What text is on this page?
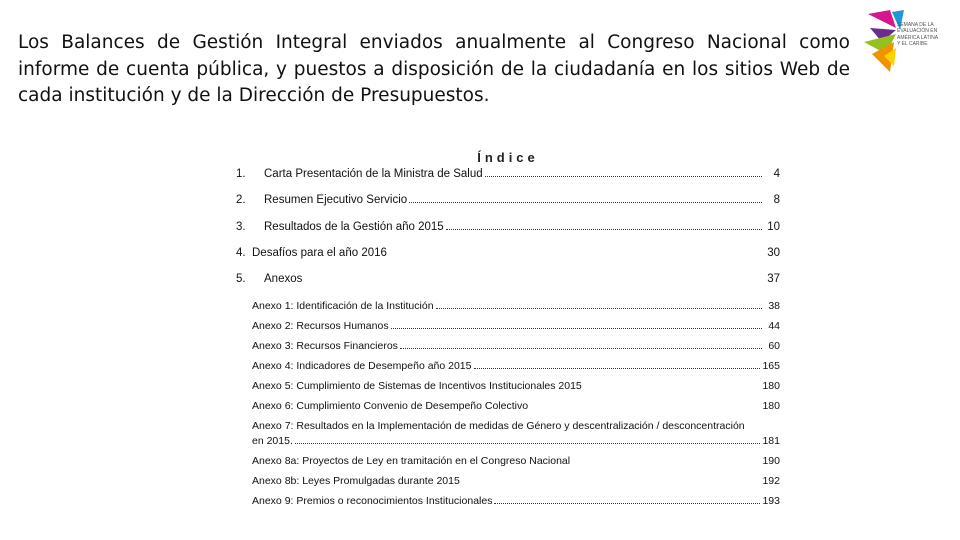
Los Balances de Gestión Integral enviados anualmente al Congreso Nacional como informe de cuenta pública, y puestos a disposición de la ciudadanía en los sitios Web de cada institución y de la Dirección de Presupuestos.

SEMANA DE LA
EVALUACIÓN EN
AMÉRICA LATINA
Y EL CARIBE
Índice
1.	Carta Presentación de la Ministra de Salud	4
2.	Resumen Ejecutivo Servicio	8
3.	Resultados de la Gestión año 2015	10
4. Desafíos para el año 2016	30
5.	Anexos	37
Anexo 1: Identificación de la Institución	38
Anexo 2: Recursos Humanos	44
Anexo 3: Recursos Financieros	60
Anexo 4: Indicadores de Desempeño año 2015	165
Anexo 5: Cumplimiento de Sistemas de Incentivos Institucionales 2015	180
Anexo 6: Cumplimiento Convenio de Desempeño Colectivo	180
Anexo 7: Resultados en la Implementación de medidas de Género y descentralización / desconcentración
en 2015.	181
Anexo 8a: Proyectos de Ley en tramitación en el Congreso Nacional	190
Anexo 8b: Leyes Promulgadas durante 2015	192
Anexo 9: Premios o reconocimientos Institucionales	193
